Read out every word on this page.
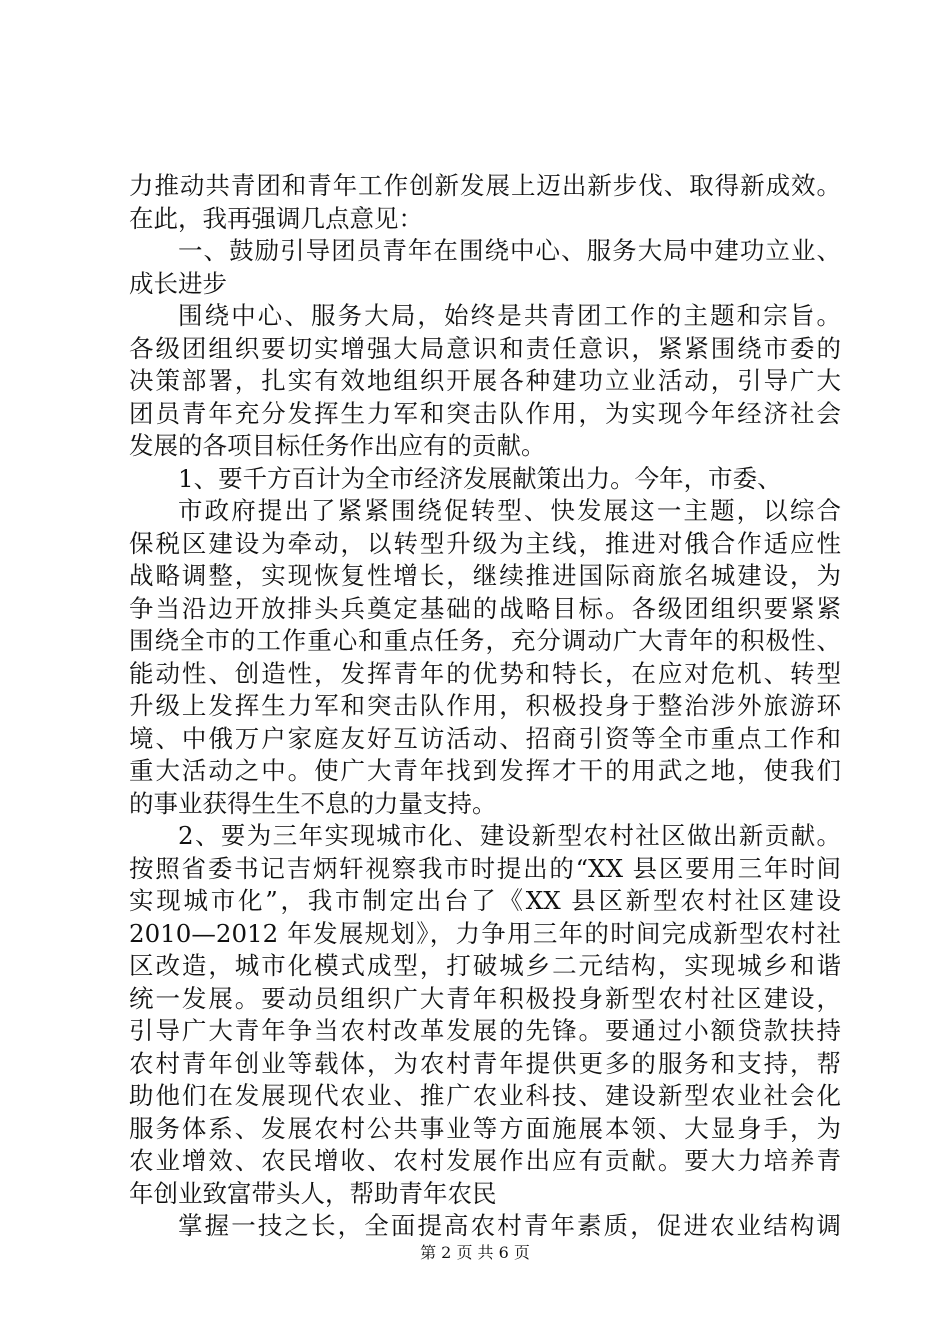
力推动共青团和青年工作创新发展上迈出新步伐、取得新成效。
在此，我再强调几点意见：
一、鼓励引导团员青年在围绕中心、服务大局中建功立业、
成长进步
围绕中心、服务大局，始终是共青团工作的主题和宗旨。
各级团组织要切实增强大局意识和责任意识，紧紧围绕市委的
决策部署，扎实有效地组织开展各种建功立业活动，引导广大
团员青年充分发挥生力军和突击队作用，为实现今年经济社会
发展的各项目标任务作出应有的贡献。
1、要千方百计为全市经济发展献策出力。今年，市委、
市政府提出了紧紧围绕促转型、快发展这一主题，以综合
保税区建设为牵动，以转型升级为主线，推进对俄合作适应性
战略调整，实现恢复性增长，继续推进国际商旅名城建设，为
争当沿边开放排头兵奠定基础的战略目标。各级团组织要紧紧
围绕全市的工作重心和重点任务，充分调动广大青年的积极性、
能动性、创造性，发挥青年的优势和特长，在应对危机、转型
升级上发挥生力军和突击队作用，积极投身于整治涉外旅游环
境、中俄万户家庭友好互访活动、招商引资等全市重点工作和
重大活动之中。使广大青年找到发挥才干的用武之地，使我们
的事业获得生生不息的力量支持。
2、要为三年实现城市化、建设新型农村社区做出新贡献。
按照省委书记吉炳轩视察我市时提出的“XX 县区要用三年时间
实现城市化”，我市制定出台了《XX 县区新型农村社区建设
2010—2012 年发展规划》，力争用三年的时间完成新型农村社
区改造，城市化模式成型，打破城乡二元结构，实现城乡和谐
统一发展。要动员组织广大青年积极投身新型农村社区建设，
引导广大青年争当农村改革发展的先锋。要通过小额贷款扶持
农村青年创业等载体，为农村青年提供更多的服务和支持，帮
助他们在发展现代农业、推广农业科技、建设新型农业社会化
服务体系、发展农村公共事业等方面施展本领、大显身手，为
农业增效、农民增收、农村发展作出应有贡献。要大力培养青
年创业致富带头人，帮助青年农民
掌握一技之长，全面提高农村青年素质，促进农业结构调
第 2 页 共 6 页
